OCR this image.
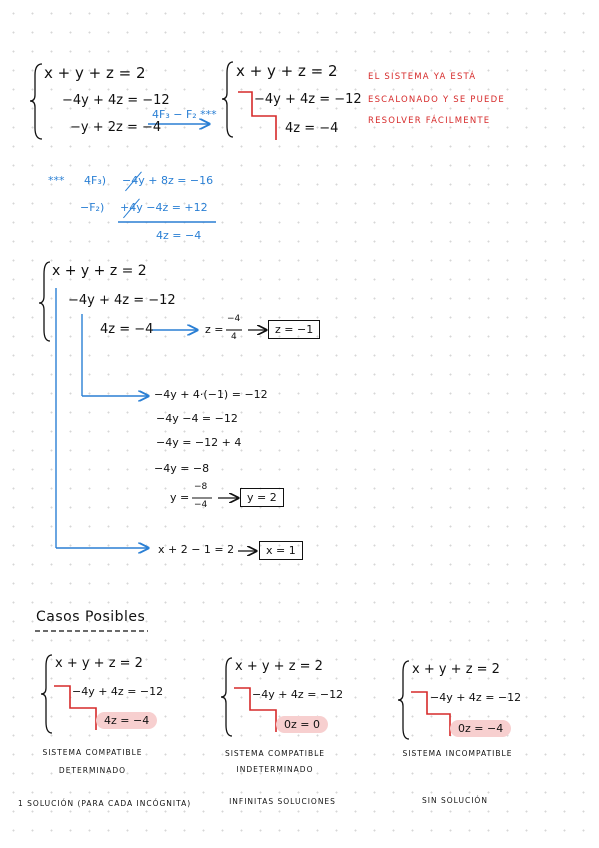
x + y + z = 2
−4y + 4z = −12
−y + 2z = −4
4F₃ − F₂ ***
x + y + z = 2
−4y + 4z = −12
4z = −4
EL SISTEMA YA ESTÁ
ESCALONADO Y SE PUEDE
RESOLVER FÁCILMENTE
*** 4F₃) −4y + 8z = −16
−F₂) +4y −4z = +12
4z = −4
x + y + z = 2
−4y + 4z = −12
4z = −4	z =
−4
4
z = −1
−4y + 4·(−1) = −12
−4y −4 = −12
−4y = −12 + 4
−4y = −8
y =
−8
−4
y = 2
x + 2 − 1 = 2	x = 1
Casos Posibles
x + y + z = 2
−4y + 4z = −12
4z = −4
SISTEMA COMPATIBLE
DETERMINADO
1 SOLUCIÓN (PARA CADA INCÓGNITA)
x + y + z = 2
−4y + 4z = −12
0z = 0
SISTEMA COMPATIBLE
INDETERMINADO
INFINITAS SOLUCIONES
x + y + z = 2
−4y + 4z = −12
0z = −4
SISTEMA INCOMPATIBLE
SIN SOLUCIÓN
